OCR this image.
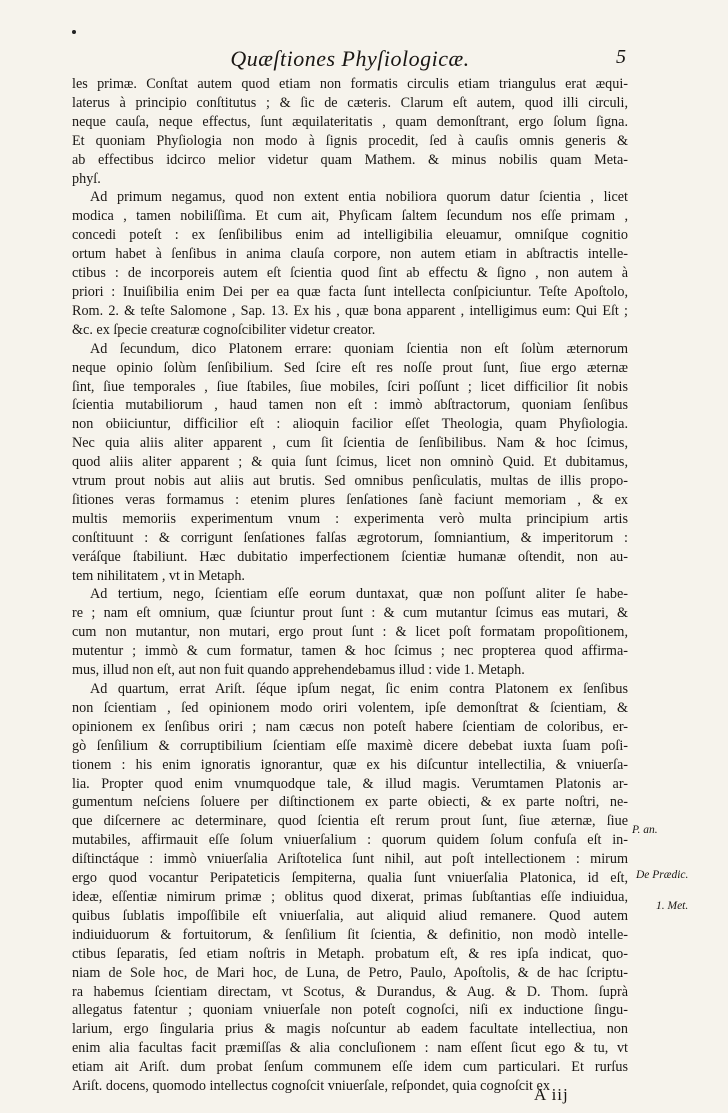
Quæſtiones Phyſiologicæ.	5

les primæ. Conſtat autem quod etiam non formatis circulis etiam triangulus erat æqui-
laterus à principio conſtitutus ; & ſic de cæteris. Clarum eſt autem, quod illi circuli,
neque cauſa, neque effectus, ſunt æquilateritatis , quam demonſtrant, ergo ſolum ſigna.
Et quoniam Phyſiologia non modo à ſignis procedit, ſed à cauſis omnis generis &
ab effectibus idcirco melior videtur quam Mathem. & minus nobilis quam Meta-
phyſ.

Ad primum negamus, quod non extent entia nobiliora quorum datur ſcientia , licet
modica , tamen nobiliſſima. Et cum ait, Phyſicam ſaltem ſecundum nos eſſe primam ,
concedi poteſt : ex ſenſibilibus enim ad intelligibilia eleuamur, omniſque cognitio
ortum habet à ſenſibus in anima clauſa corpore, non autem etiam in abſtractis intelle-
ctibus : de incorporeis autem eſt ſcientia quod ſint ab effectu & ſigno , non autem à
priori : Inuiſibilia enim Dei per ea quæ facta ſunt intellecta conſpiciuntur. Teſte Apoſtolo,
Rom. 2. & teſte Salomone , Sap. 13. Ex his , quæ bona apparent , intelligimus eum: Qui Eſt ;
&c. ex ſpecie creaturæ cognoſcibiliter videtur creator.

Ad ſecundum, dico Platonem errare: quoniam ſcientia non eſt ſolùm æternorum
neque opinio ſolùm ſenſibilium. Sed ſcire eſt res noſſe prout ſunt, ſiue ergo æternæ
ſint, ſiue temporales , ſiue ſtabiles, ſiue mobiles, ſciri poſſunt ; licet difficilior ſit nobis
ſcientia mutabiliorum , haud tamen non eſt : immò abſtractorum, quoniam ſenſibus
non obiiciuntur, difficilior eſt : alioquin facilior eſſet Theologia, quam Phyſiologia.
Nec quia aliis aliter apparent , cum ſit ſcientia de ſenſibilibus. Nam & hoc ſcimus,
quod aliis aliter apparent ; & quia ſunt ſcimus, licet non omninò Quid. Et dubitamus,
vtrum prout nobis aut aliis aut brutis. Sed omnibus penſiculatis, multas de illis propo-
ſitiones veras formamus : etenim plures ſenſationes ſanè faciunt memoriam , & ex
multis memoriis experimentum vnum : experimenta verò multa principium artis
conſtituunt : & corrigunt ſenſationes falſas ægrotorum, ſomniantium, & imperitorum :
veráſque ſtabiliunt. Hæc dubitatio imperfectionem ſcientiæ humanæ oſtendit, non au-
tem nihilitatem , vt in Metaph.

Ad tertium, nego, ſcientiam eſſe eorum duntaxat, quæ non poſſunt aliter ſe habe-
re ; nam eſt omnium, quæ ſciuntur prout ſunt : & cum mutantur ſcimus eas mutari, &
cum non mutantur, non mutari, ergo prout ſunt : & licet poſt formatam propoſitionem,
mutentur ; immò & cum formatur, tamen & hoc ſcimus ; nec propterea quod affirma-
mus, illud non eſt, aut non fuit quando apprehendebamus illud : vide 1. Metaph.

Ad quartum, errat Ariſt. ſéque ipſum negat, ſic enim contra Platonem ex ſenſibus
non ſcientiam , ſed opinionem modo oriri volentem, ipſe demonſtrat & ſcientiam, &
opinionem ex ſenſibus oriri ; nam cæcus non poteſt habere ſcientiam de coloribus, er-
gò ſenſilium & corruptibilium ſcientiam eſſe maximè dicere debebat iuxta ſuam poſi-
tionem : his enim ignoratis ignorantur, quæ ex his diſcuntur intellectilia, & vniuerſa-
lia. Propter quod enim vnumquodque tale, & illud magis. Verumtamen Platonis ar-
gumentum neſciens ſoluere per diſtinctionem ex parte obiecti, & ex parte noſtri, ne-
que diſcernere ac determinare, quod ſcientia eſt rerum prout ſunt, ſiue æternæ, ſiue
mutabiles, affirmauit eſſe ſolum vniuerſalium : quorum quidem ſolum confuſa eſt in-
diſtinctáque : immò vniuerſalia Ariſtotelica ſunt nihil, aut poſt intellectionem : mirum
ergo quod vocantur Peripateticis ſempiterna, qualia ſunt vniuerſalia Platonica, id eſt,
ideæ, eſſentiæ nimirum primæ ; oblitus quod dixerat, primas ſubſtantias eſſe indiuidua,
quibus ſublatis impoſſibile eſt vniuerſalia, aut aliquid aliud remanere. Quod autem
indiuiduorum & fortuitorum, & ſenſilium ſit ſcientia, & definitio, non modò intelle-
ctibus ſeparatis, ſed etiam noſtris in Metaph. probatum eſt, & res ipſa indicat, quo-
niam de Sole hoc, de Mari hoc, de Luna, de Petro, Paulo, Apoſtolis, & de hac ſcriptu-
ra habemus ſcientiam directam, vt Scotus, & Durandus, & Aug. & D. Thom. ſuprà
allegatus fatentur ; quoniam vniuerſale non poteſt cognoſci, niſi ex inductione ſingu-
larium, ergo ſingularia prius & magis noſcuntur ab eadem facultate intellectiua, non
enim alia facultas facit præmiſſas & alia concluſionem : nam eſſent ſicut ego & tu, vt
etiam ait Ariſt. dum probat ſenſum communem eſſe idem cum particulari. Et rurſus
Ariſt. docens, quomodo intellectus cognoſcit vniuerſale, reſpondet, quia cognoſcit ex

P. an.
De Prædic.
1. Met.
A iij
